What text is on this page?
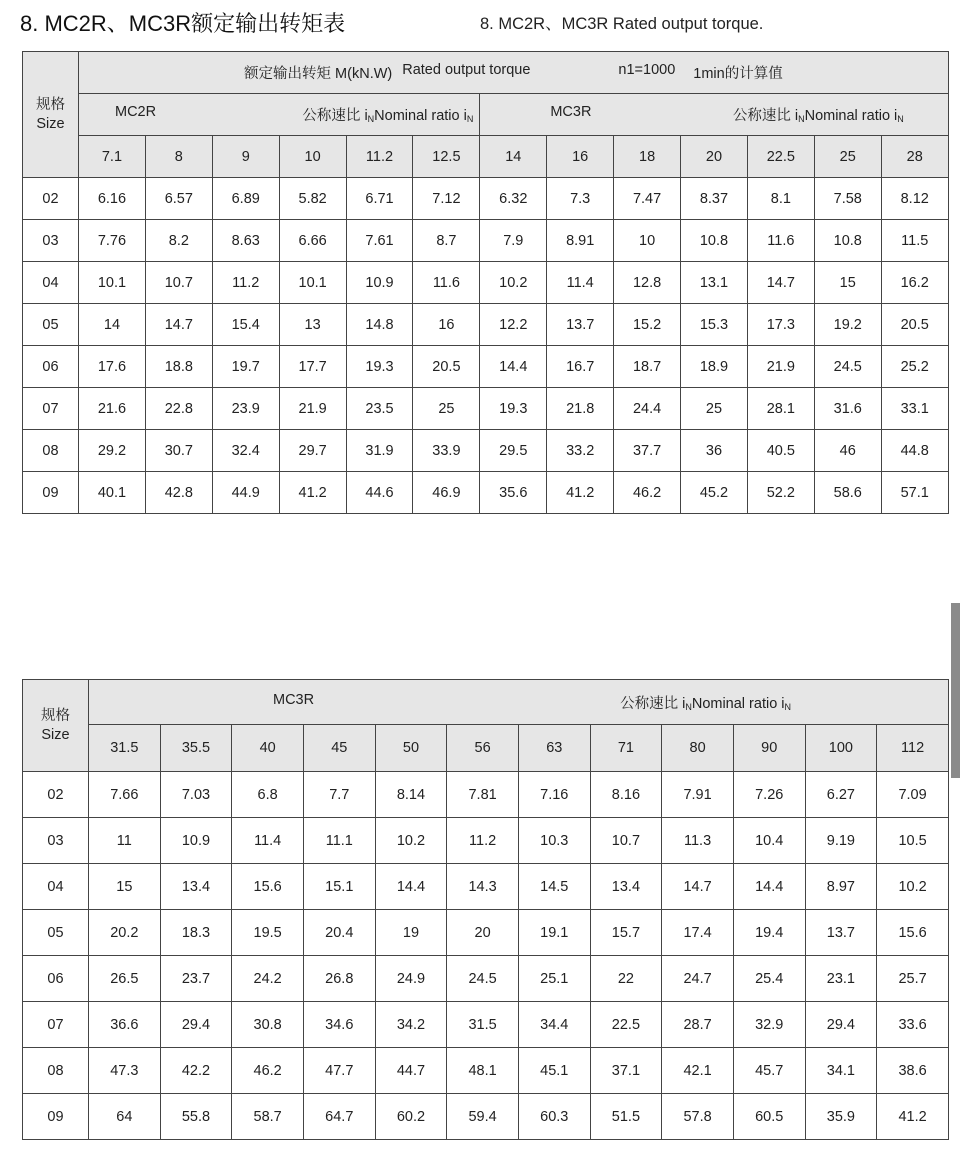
8. MC2R、MC3R额定输出转矩表	8. MC2R、MC3R Rated output torque.
规格
Size	额定输出转矩 M(kN.W) Rated output torque n1=1000 1min的计算值												

	MC2R 公称速比 $i_NNominal$ ratio $i_N$						MC3R 公称速比 $i_NNominal$ ratio $i_N$

	7.1	8	9	10	11.2	12.5	14	16	18	20	22.5	25	28
02	6.16	6.57	6.89	5.82	6.71	7.12	6.32	7.3	7.47	8.37	8.1	7.58	8.12
03	7.76	8.2	8.63	6.66	7.61	8.7	7.9	8.91	10	10.8	11.6	10.8	11.5
04	10.1	10.7	11.2	10.1	10.9	11.6	10.2	11.4	12.8	13.1	14.7	15	16.2
05	14	14.7	15.4	13	14.8	16	12.2	13.7	15.2	15.3	17.3	19.2	20.5
06	17.6	18.8	19.7	17.7	19.3	20.5	14.4	16.7	18.7	18.9	21.9	24.5	25.2
07	21.6	22.8	23.9	21.9	23.5	25	19.3	21.8	24.4	25	28.1	31.6	33.1
08	29.2	30.7	32.4	29.7	31.9	33.9	29.5	33.2	37.7	36	40.5	46	44.8
09	40.1	42.8	44.9	41.2	44.6	46.9	35.6	41.2	46.2	45.2	52.2	58.6	57.1
规格
Size	MC3R 公称速比 $i_NNominal$ ratio $i_N$

	31.5	35.5	40	45	50	56	63	71	80	90	100	112
02	7.66	7.03	6.8	7.7	8.14	7.81	7.16	8.16	7.91	7.26	6.27	7.09
03	11	10.9	11.4	11.1	10.2	11.2	10.3	10.7	11.3	10.4	9.19	10.5
04	15	13.4	15.6	15.1	14.4	14.3	14.5	13.4	14.7	14.4	8.97	10.2
05	20.2	18.3	19.5	20.4	19	20	19.1	15.7	17.4	19.4	13.7	15.6
06	26.5	23.7	24.2	26.8	24.9	24.5	25.1	22	24.7	25.4	23.1	25.7
07	36.6	29.4	30.8	34.6	34.2	31.5	34.4	22.5	28.7	32.9	29.4	33.6
08	47.3	42.2	46.2	47.7	44.7	48.1	45.1	37.1	42.1	45.7	34.1	38.6
09	64	55.8	58.7	64.7	60.2	59.4	60.3	51.5	57.8	60.5	35.9	41.2
